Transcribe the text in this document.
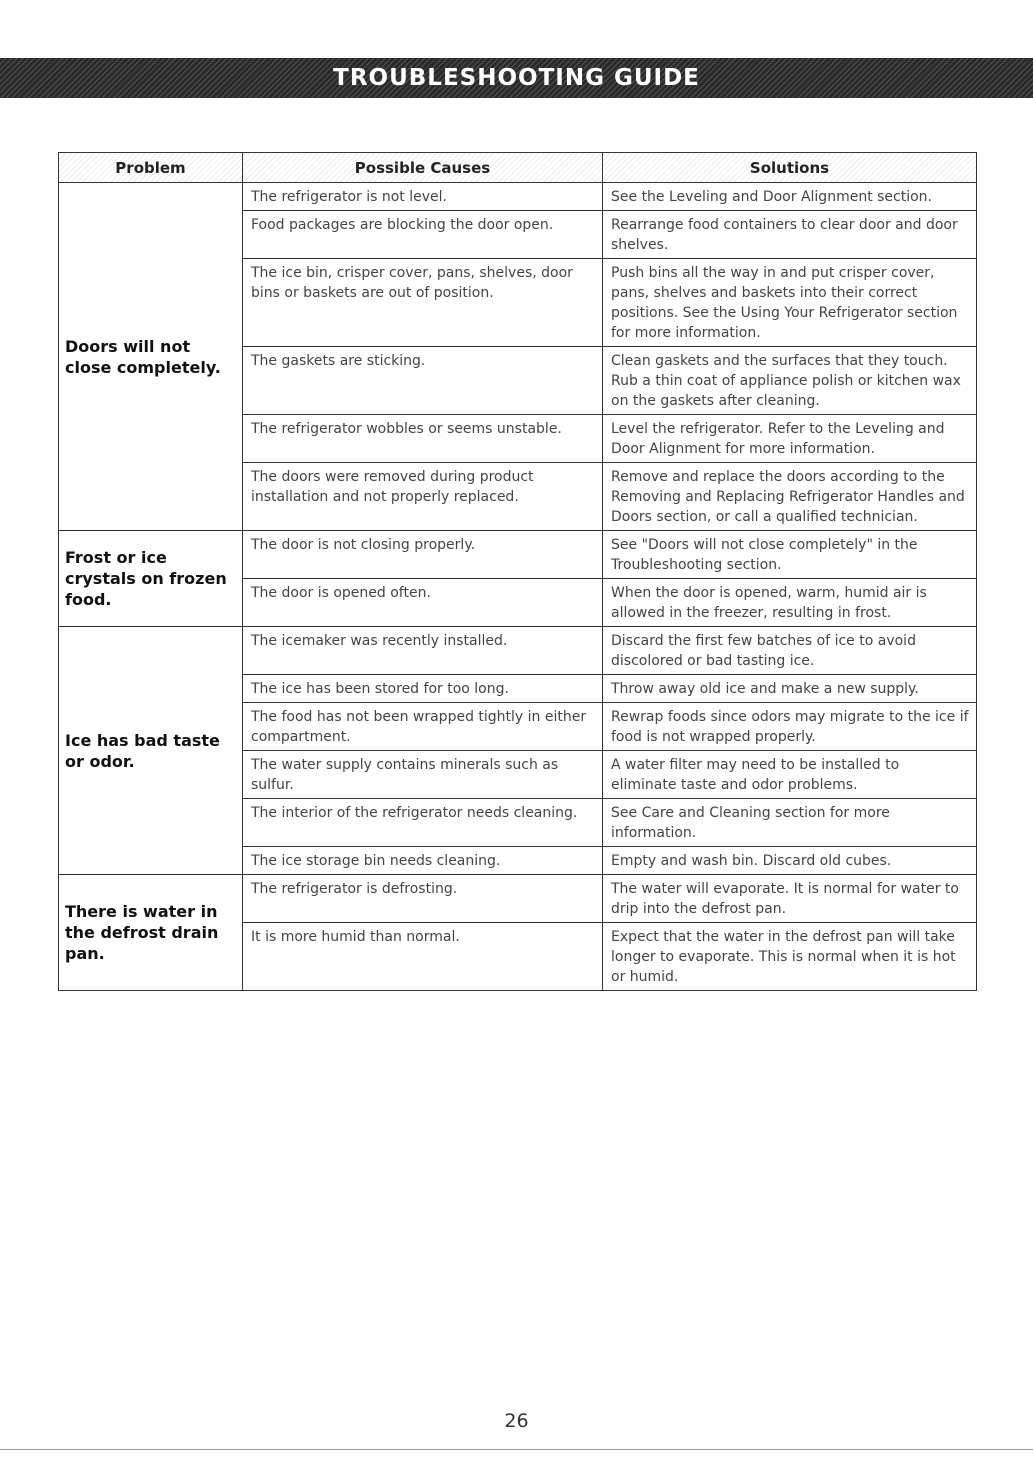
TROUBLESHOOTING GUIDE
Problem	Possible Causes	Solutions
Doors will not close completely.	The refrigerator is not level.	See the Leveling and Door Alignment section.
	Food packages are blocking the door open.	Rearrange food containers to clear door and door shelves.
	The ice bin, crisper cover, pans, shelves, door bins or baskets are out of position.	Push bins all the way in and put crisper cover, pans, shelves and baskets into their correct positions. See the Using Your Refrigerator section for more information.
	The gaskets are sticking.	Clean gaskets and the surfaces that they touch. Rub a thin coat of appliance polish or kitchen wax on the gaskets after cleaning.
	The refrigerator wobbles or seems unstable.	Level the refrigerator. Refer to the Leveling and Door Alignment for more information.
	The doors were removed during product installation and not properly replaced.	Remove and replace the doors according to the Removing and Replacing Refrigerator Handles and Doors section, or call a qualified technician.
Frost or ice crystals on frozen food.	The door is not closing properly.	See "Doors will not close completely" in the Troubleshooting section.
	The door is opened often.	When the door is opened, warm, humid air is allowed in the freezer, resulting in frost.
Ice has bad taste or odor.	The icemaker was recently installed.	Discard the first few batches of ice to avoid discolored or bad tasting ice.
	The ice has been stored for too long.	Throw away old ice and make a new supply.
	The food has not been wrapped tightly in either compartment.	Rewrap foods since odors may migrate to the ice if food is not wrapped properly.
	The water supply contains minerals such as sulfur.	A water filter may need to be installed to eliminate taste and odor problems.
	The interior of the refrigerator needs cleaning.	See Care and Cleaning section for more information.
	The ice storage bin needs cleaning.	Empty and wash bin. Discard old cubes.
There is water in the defrost drain pan.	The refrigerator is defrosting.	The water will evaporate. It is normal for water to drip into the defrost pan.
	It is more humid than normal.	Expect that the water in the defrost pan will take longer to evaporate. This is normal when it is hot or humid.
26
